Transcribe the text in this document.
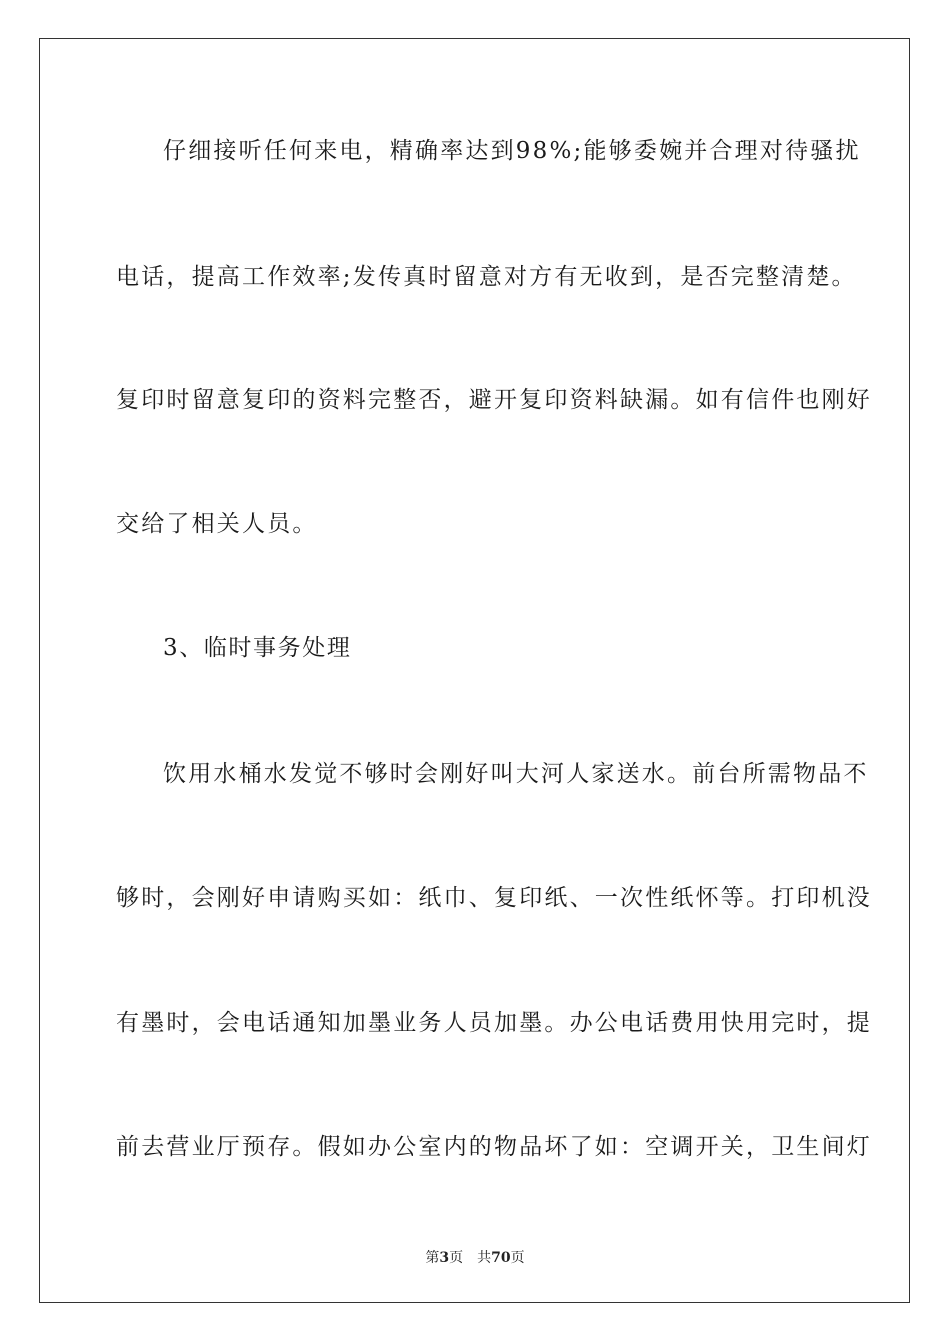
仔细接听任何来电，精确率达到98%;能够委婉并合理对待骚扰
电话，提高工作效率;发传真时留意对方有无收到，是否完整清楚。
复印时留意复印的资料完整否，避开复印资料缺漏。如有信件也刚好
交给了相关人员。
3、临时事务处理
饮用水桶水发觉不够时会刚好叫大河人家送水。前台所需物品不
够时，会刚好申请购买如：纸巾、复印纸、一次性纸怀等。打印机没
有墨时，会电话通知加墨业务人员加墨。办公电话费用快用完时，提
前去营业厅预存。假如办公室内的物品坏了如：空调开关，卫生间灯
第3页 共70页
